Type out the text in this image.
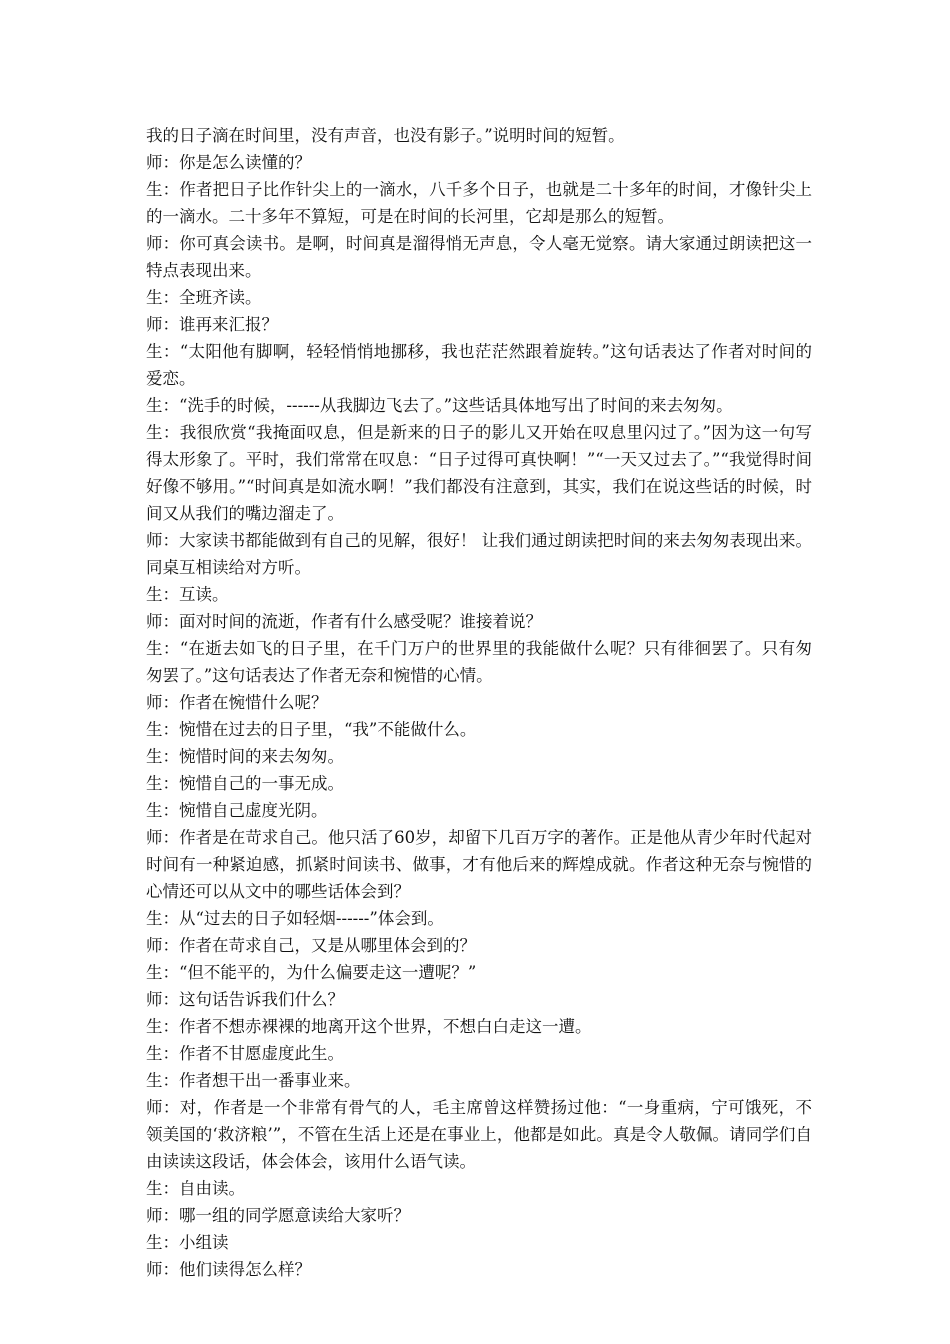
我的日子滴在时间里，没有声音，也没有影子。”说明时间的短暂。

师：你是怎么读懂的？

生：作者把日子比作针尖上的一滴水，八千多个日子，也就是二十多年的时间，才像针尖上的一滴水。二十多年不算短，可是在时间的长河里，它却是那么的短暂。

师：你可真会读书。是啊，时间真是溜得悄无声息，令人毫无觉察。请大家通过朗读把这一特点表现出来。

生：全班齐读。

师：谁再来汇报？

生：“太阳他有脚啊，轻轻悄悄地挪移，我也茫茫然跟着旋转。”这句话表达了作者对时间的爱恋。

生：“洗手的时候，------从我脚边飞去了。”这些话具体地写出了时间的来去匆匆。

生：我很欣赏“我掩面叹息，但是新来的日子的影儿又开始在叹息里闪过了。”因为这一句写得太形象了。平时，我们常常在叹息：“日子过得可真快啊！”“一天又过去了。”“我觉得时间好像不够用。”“时间真是如流水啊！”我们都没有注意到，其实，我们在说这些话的时候，时间又从我们的嘴边溜走了。

师：大家读书都能做到有自己的见解，很好！ 让我们通过朗读把时间的来去匆匆表现出来。同桌互相读给对方听。

生：互读。

师：面对时间的流逝，作者有什么感受呢？谁接着说？

生：“在逝去如飞的日子里，在千门万户的世界里的我能做什么呢？只有徘徊罢了。只有匆匆罢了。”这句话表达了作者无奈和惋惜的心情。

师：作者在惋惜什么呢？

生：惋惜在过去的日子里，“我”不能做什么。

生：惋惜时间的来去匆匆。

生：惋惜自己的一事无成。

生：惋惜自己虚度光阴。

师：作者是在苛求自己。他只活了60岁，却留下几百万字的著作。正是他从青少年时代起对时间有一种紧迫感，抓紧时间读书、做事，才有他后来的辉煌成就。作者这种无奈与惋惜的心情还可以从文中的哪些话体会到？

生：从“过去的日子如轻烟------”体会到。

师：作者在苛求自己，又是从哪里体会到的？

生：“但不能平的，为什么偏要走这一遭呢？”

师：这句话告诉我们什么？

生：作者不想赤裸裸的地离开这个世界，不想白白走这一遭。

生：作者不甘愿虚度此生。

生：作者想干出一番事业来。

师：对，作者是一个非常有骨气的人，毛主席曾这样赞扬过他：“一身重病，宁可饿死，不领美国的‘救济粮’”，不管在生活上还是在事业上，他都是如此。真是令人敬佩。请同学们自由读读这段话，体会体会，该用什么语气读。

生：自由读。

师：哪一组的同学愿意读给大家听？

生：小组读

师：他们读得怎么样？
